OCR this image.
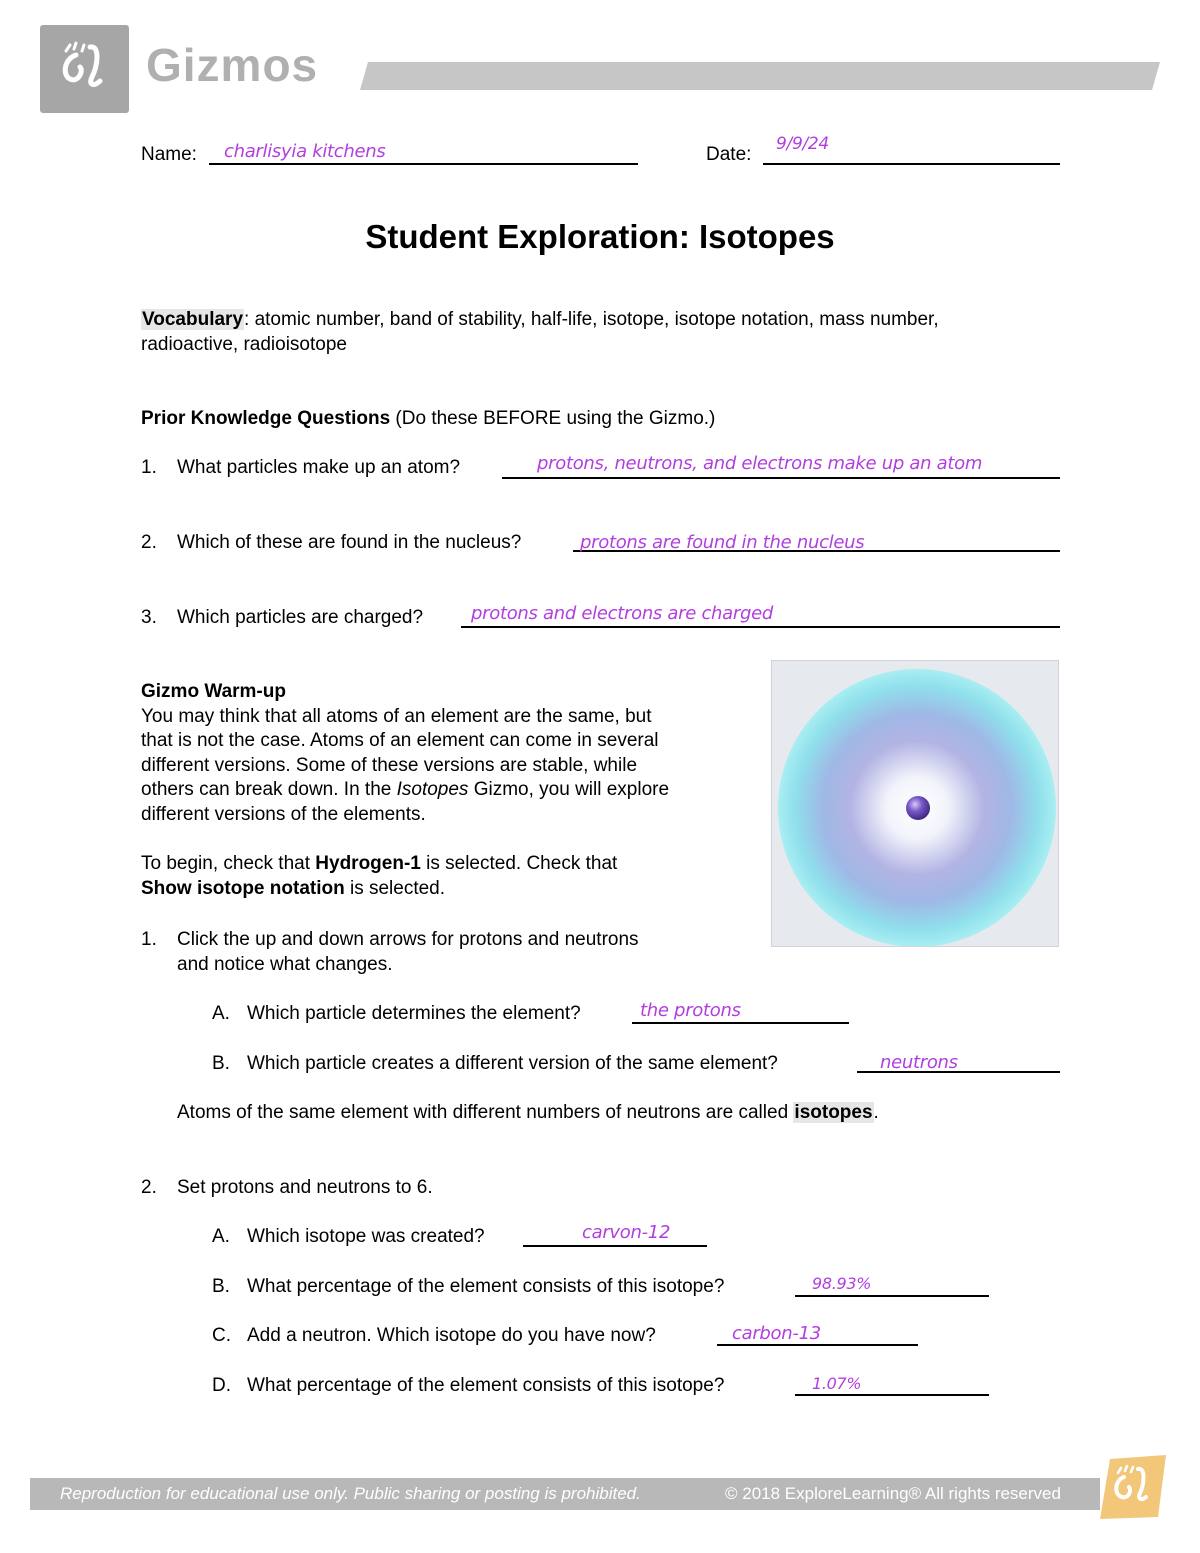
Gizmos
Name: charlisyia kitchens	Date: 9/9/24
Student Exploration: Isotopes
Vocabulary: atomic number, band of stability, half-life, isotope, isotope notation, mass number,
radioactive, radioisotope
Prior Knowledge Questions (Do these BEFORE using the Gizmo.)
1. What particles make up an atom?	protons, neutrons, and electrons make up an atom
2. Which of these are found in the nucleus?	protons are found in the nucleus
3. Which particles are charged?	protons and electrons are charged
Gizmo Warm-up
You may think that all atoms of an element are the same, but
that is not the case. Atoms of an element can come in several
different versions. Some of these versions are stable, while
others can break down. In the Isotopes Gizmo, you will explore
different versions of the elements.
To begin, check that Hydrogen-1 is selected. Check that
Show isotope notation is selected.
1. Click the up and down arrows for protons and neutrons
and notice what changes.
A. Which particle determines the element?	the protons
B. Which particle creates a different version of the same element?	neutrons
Atoms of the same element with different numbers of neutrons are called isotopes.
2. Set protons and neutrons to 6.
A. Which isotope was created?	carvon-12
B. What percentage of the element consists of this isotope?	98.93%
C. Add a neutron. Which isotope do you have now?	carbon-13
D. What percentage of the element consists of this isotope?	1.07%
Reproduction for educational use only. Public sharing or posting is prohibited.	© 2018 ExploreLearning® All rights reserved
